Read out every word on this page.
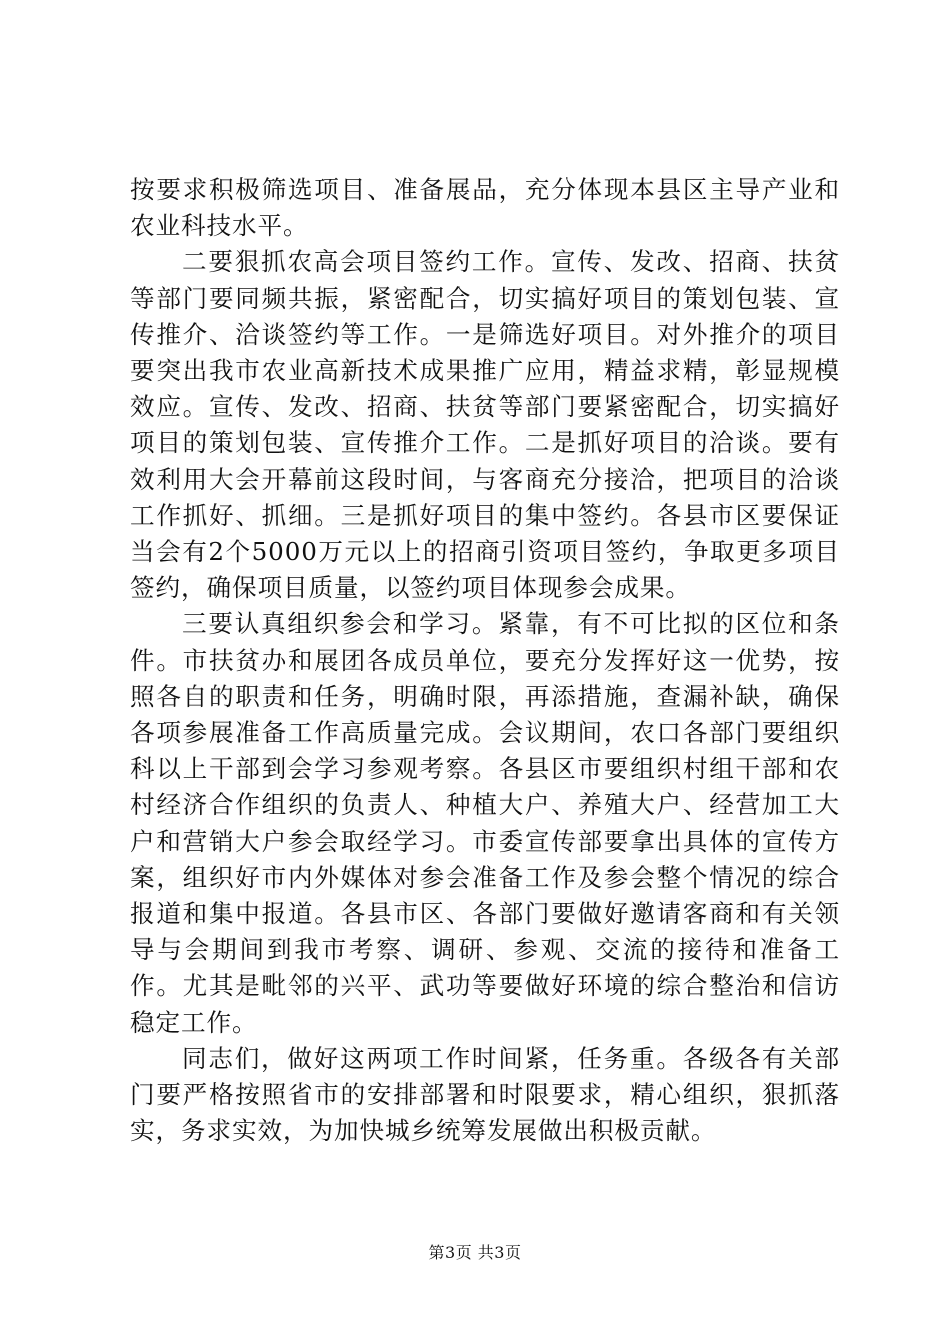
按要求积极筛选项目、准备展品，充分体现本县区主导产业和农业科技水平。

二要狠抓农高会项目签约工作。宣传、发改、招商、扶贫等部门要同频共振，紧密配合，切实搞好项目的策划包装、宣传推介、洽谈签约等工作。一是筛选好项目。对外推介的项目要突出我市农业高新技术成果推广应用，精益求精，彰显规模效应。宣传、发改、招商、扶贫等部门要紧密配合，切实搞好项目的策划包装、宣传推介工作。二是抓好项目的洽谈。要有效利用大会开幕前这段时间，与客商充分接洽，把项目的洽谈工作抓好、抓细。三是抓好项目的集中签约。各县市区要保证当会有2个5000万元以上的招商引资项目签约，争取更多项目签约，确保项目质量，以签约项目体现参会成果。

三要认真组织参会和学习。紧靠，有不可比拟的区位和条件。市扶贫办和展团各成员单位，要充分发挥好这一优势，按照各自的职责和任务，明确时限，再添措施，查漏补缺，确保各项参展准备工作高质量完成。会议期间，农口各部门要组织科以上干部到会学习参观考察。各县区市要组织村组干部和农村经济合作组织的负责人、种植大户、养殖大户、经营加工大户和营销大户参会取经学习。市委宣传部要拿出具体的宣传方案，组织好市内外媒体对参会准备工作及参会整个情况的综合报道和集中报道。各县市区、各部门要做好邀请客商和有关领导与会期间到我市考察、调研、参观、交流的接待和准备工作。尤其是毗邻的兴平、武功等要做好环境的综合整治和信访稳定工作。

同志们，做好这两项工作时间紧，任务重。各级各有关部门要严格按照省市的安排部署和时限要求，精心组织，狠抓落实，务求实效，为加快城乡统筹发展做出积极贡献。

第3页 共3页
